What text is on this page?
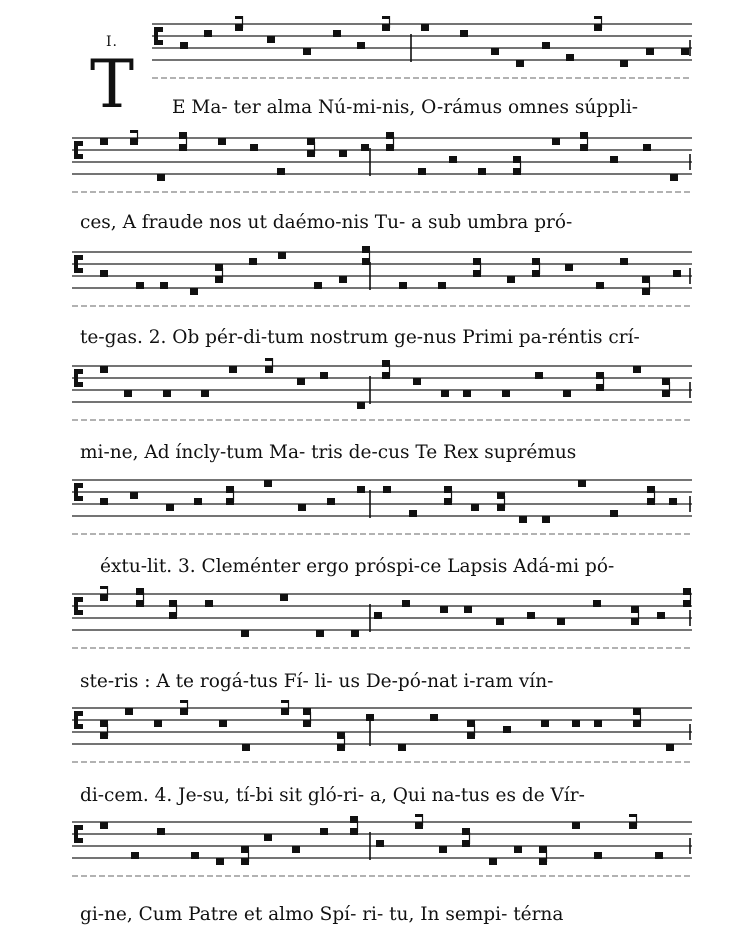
I.
T E Ma- ter alma Nú-mi-nis, O-rámus omnes súppli-
ces, A fraude nos ut daémo-nis Tu- a sub umbra pró-
te-gas. 2. Ob pér-di-tum nostrum ge-nus Primi pa-réntis crí-
mi-ne, Ad íncly-tum Ma- tris de-cus Te Rex suprémus
éxtu-lit. 3. Cleménter ergo próspi-ce Lapsis Adá-mi pó-
ste-ris : A te rogá-tus Fí- li- us De-pó-nat i-ram vín-
di-cem. 4. Je-su, tí-bi sit gló-ri- a, Qui na-tus es de Vír-
gi-ne, Cum Patre et almo Spí- ri- tu, In sempi- térna
